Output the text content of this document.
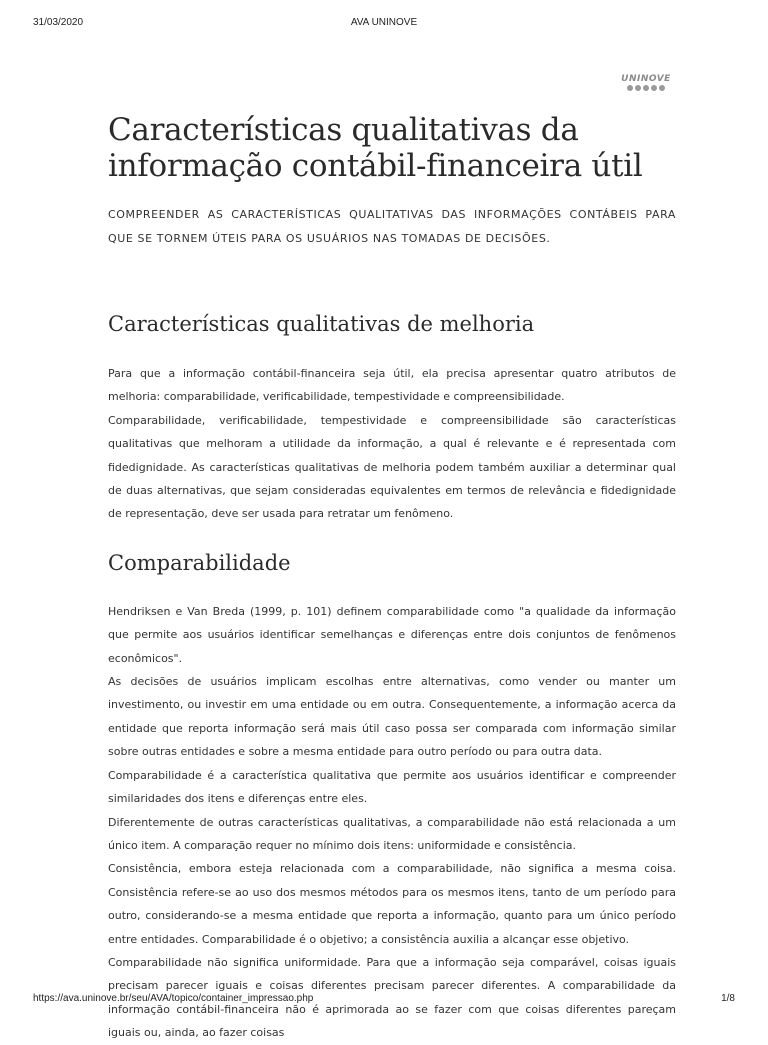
31/03/2020	AVA UNINOVE
UNINOVE
Características qualitativas da informação contábil-financeira útil
COMPREENDER AS CARACTERÍSTICAS QUALITATIVAS DAS INFORMAÇÕES CONTÁBEIS PARA QUE SE TORNEM ÚTEIS PARA OS USUÁRIOS NAS TOMADAS DE DECISÕES.
Características qualitativas de melhoria

Para que a informação contábil-financeira seja útil, ela precisa apresentar quatro atributos de melhoria: comparabilidade, verificabilidade, tempestividade e compreensibilidade.

Comparabilidade, verificabilidade, tempestividade e compreensibilidade são características qualitativas que melhoram a utilidade da informação, a qual é relevante e é representada com fidedignidade. As características qualitativas de melhoria podem também auxiliar a determinar qual de duas alternativas, que sejam consideradas equivalentes em termos de relevância e fidedignidade de representação, deve ser usada para retratar um fenômeno.

Comparabilidade

Hendriksen e Van Breda (1999, p. 101) definem comparabilidade como "a qualidade da informação que permite aos usuários identificar semelhanças e diferenças entre dois conjuntos de fenômenos econômicos".

As decisões de usuários implicam escolhas entre alternativas, como vender ou manter um investimento, ou investir em uma entidade ou em outra. Consequentemente, a informação acerca da entidade que reporta informação será mais útil caso possa ser comparada com informação similar sobre outras entidades e sobre a mesma entidade para outro período ou para outra data.

Comparabilidade é a característica qualitativa que permite aos usuários identificar e compreender similaridades dos itens e diferenças entre eles.

Diferentemente de outras características qualitativas, a comparabilidade não está relacionada a um único item. A comparação requer no mínimo dois itens: uniformidade e consistência.

Consistência, embora esteja relacionada com a comparabilidade, não significa a mesma coisa. Consistência refere-se ao uso dos mesmos métodos para os mesmos itens, tanto de um período para outro, considerando-se a mesma entidade que reporta a informação, quanto para um único período entre entidades. Comparabilidade é o objetivo; a consistência auxilia a alcançar esse objetivo.

Comparabilidade não significa uniformidade. Para que a informação seja comparável, coisas iguais precisam parecer iguais e coisas diferentes precisam parecer diferentes. A comparabilidade da informação contábil-financeira não é aprimorada ao se fazer com que coisas diferentes pareçam iguais ou, ainda, ao fazer coisas

https://ava.uninove.br/seu/AVA/topico/container_impressao.php	1/8
